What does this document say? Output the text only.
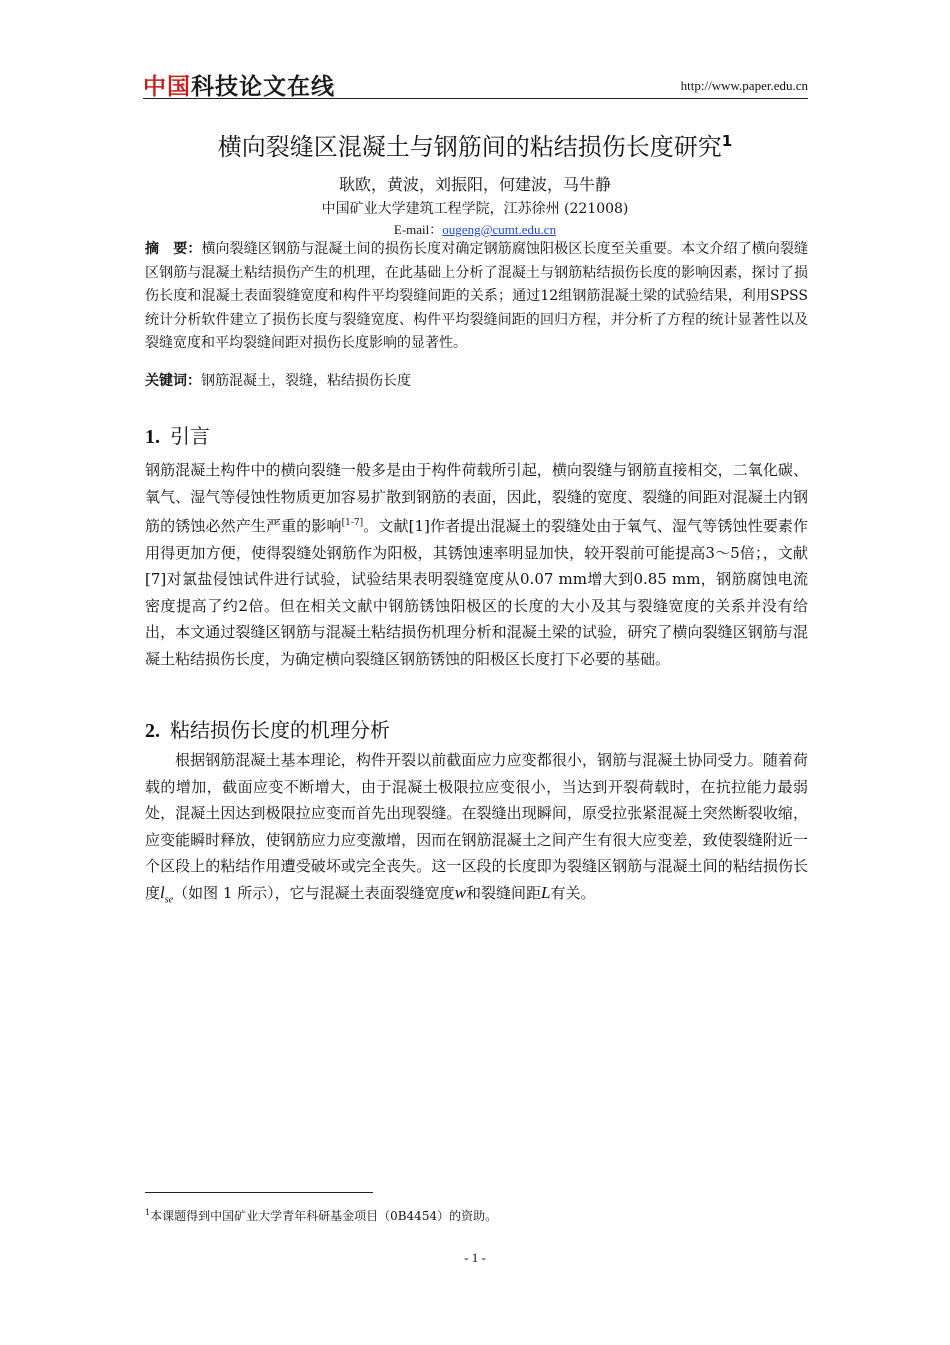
中国科技论文在线	http://www.paper.edu.cn
横向裂缝区混凝土与钢筋间的粘结损伤长度研究$^1$
耿欧，黄波，刘振阳，何建波，马牛静
中国矿业大学建筑工程学院，江苏徐州 (221008)
E-mail：ougeng@cumt.edu.cn
摘　要：横向裂缝区钢筋与混凝土间的损伤长度对确定钢筋腐蚀阳极区长度至关重要。本文介绍了横向裂缝区钢筋与混凝土粘结损伤产生的机理，在此基础上分析了混凝土与钢筋粘结损伤长度的影响因素，探讨了损伤长度和混凝土表面裂缝宽度和构件平均裂缝间距的关系；通过12组钢筋混凝土梁的试验结果，利用SPSS统计分析软件建立了损伤长度与裂缝宽度、构件平均裂缝间距的回归方程，并分析了方程的统计显著性以及裂缝宽度和平均裂缝间距对损伤长度影响的显著性。
关键词：钢筋混凝土，裂缝，粘结损伤长度
1. 引言
钢筋混凝土构件中的横向裂缝一般多是由于构件荷载所引起，横向裂缝与钢筋直接相交，二氧化碳、氧气、湿气等侵蚀性物质更加容易扩散到钢筋的表面，因此，裂缝的宽度、裂缝的间距对混凝土内钢筋的锈蚀必然产生严重的影响[1-7]。文献[1]作者提出混凝土的裂缝处由于氧气、湿气等锈蚀性要素作用得更加方便，使得裂缝处钢筋作为阳极，其锈蚀速率明显加快，较开裂前可能提高3～5倍；，文献[7]对氯盐侵蚀试件进行试验，试验结果表明裂缝宽度从0.07 mm增大到0.85 mm，钢筋腐蚀电流密度提高了约2倍。但在相关文献中钢筋锈蚀阳极区的长度的大小及其与裂缝宽度的关系并没有给出，本文通过裂缝区钢筋与混凝土粘结损伤机理分析和混凝土梁的试验，研究了横向裂缝区钢筋与混凝土粘结损伤长度，为确定横向裂缝区钢筋锈蚀的阳极区长度打下必要的基础。
2. 粘结损伤长度的机理分析
根据钢筋混凝土基本理论，构件开裂以前截面应力应变都很小，钢筋与混凝土协同受力。随着荷载的增加，截面应变不断增大，由于混凝土极限拉应变很小，当达到开裂荷载时，在抗拉能力最弱处，混凝土因达到极限拉应变而首先出现裂缝。在裂缝出现瞬间，原受拉张紧混凝土突然断裂收缩，应变能瞬时释放，使钢筋应力应变激增，因而在钢筋混凝土之间产生有很大应变差，致使裂缝附近一个区段上的粘结作用遭受破坏或完全丧失。这一区段的长度即为裂缝区钢筋与混凝土间的粘结损伤长度$l_{se}$（如图 1 所示），它与混凝土表面裂缝宽度w和裂缝间距L有关。
$^1$本课题得到中国矿业大学青年科研基金项目（0B4454）的资助。
- 1 -
